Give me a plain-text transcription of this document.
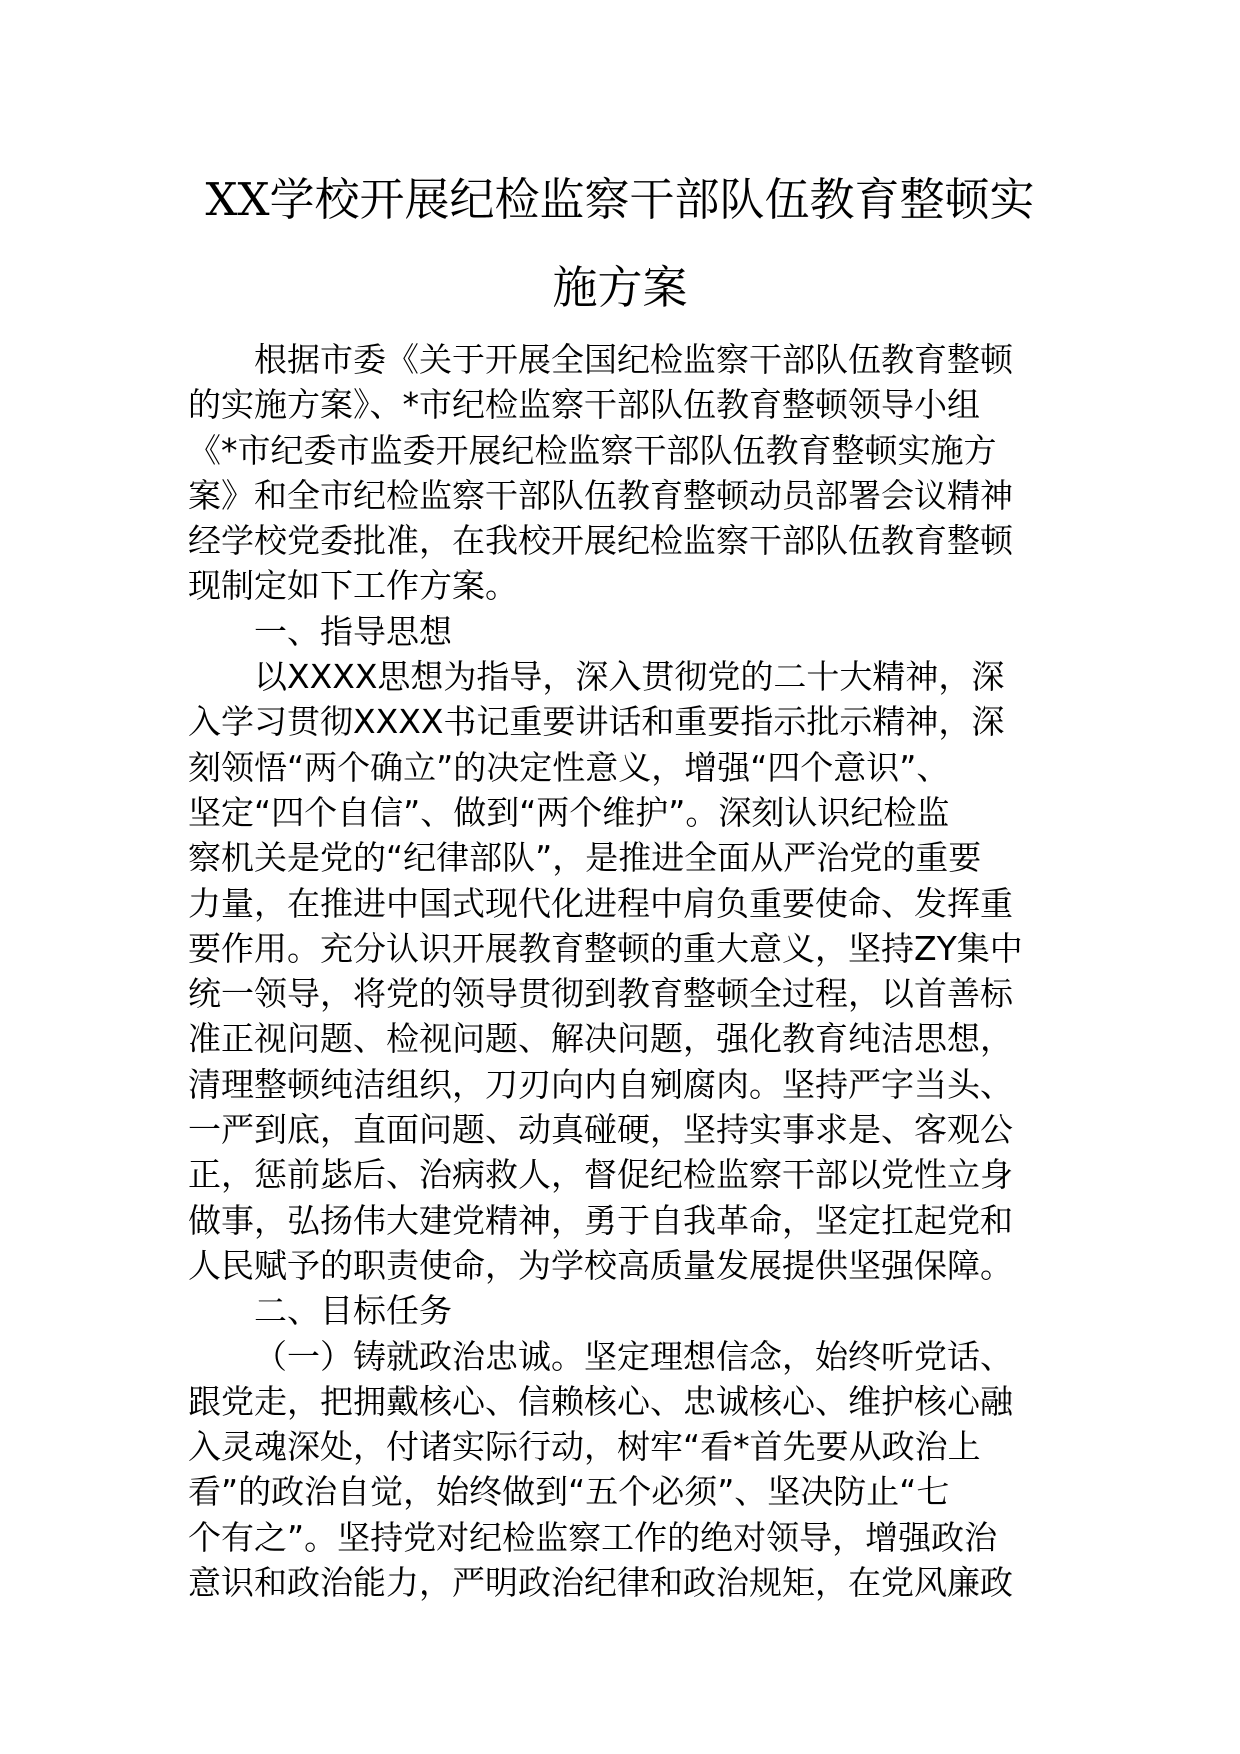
XX学校开展纪检监察干部队伍教育整顿实
施方案
根据市委《关于开展全国纪检监察干部队伍教育整顿
的实施方案》、*市纪检监察干部队伍教育整顿领导小组
《*市纪委市监委开展纪检监察干部队伍教育整顿实施方
案》和全市纪检监察干部队伍教育整顿动员部署会议精神
经学校党委批准，在我校开展纪检监察干部队伍教育整顿
现制定如下工作方案。
一、指导思想
以XXXX思想为指导，深入贯彻党的二十大精神，深
入学习贯彻XXXX书记重要讲话和重要指示批示精神，深
刻领悟“两个确立”的决定性意义，增强“四个意识”、
坚定“四个自信”、做到“两个维护”。深刻认识纪检监
察机关是党的“纪律部队”，是推进全面从严治党的重要
力量，在推进中国式现代化进程中肩负重要使命、发挥重
要作用。充分认识开展教育整顿的重大意义，坚持ZY集中
统一领导，将党的领导贯彻到教育整顿全过程，以首善标
准正视问题、检视问题、解决问题，强化教育纯洁思想，
清理整顿纯洁组织，刀刃向内自剜腐肉。坚持严字当头、
一严到底，直面问题、动真碰硬，坚持实事求是、客观公
正，惩前毖后、治病救人，督促纪检监察干部以党性立身
做事，弘扬伟大建党精神，勇于自我革命，坚定扛起党和
人民赋予的职责使命，为学校高质量发展提供坚强保障。
二、目标任务
（一）铸就政治忠诚。坚定理想信念，始终听党话、
跟党走，把拥戴核心、信赖核心、忠诚核心、维护核心融
入灵魂深处，付诸实际行动，树牢“看*首先要从政治上
看”的政治自觉，始终做到“五个必须”、坚决防止“七
个有之”。坚持党对纪检监察工作的绝对领导，增强政治
意识和政治能力，严明政治纪律和政治规矩，在党风廉政
